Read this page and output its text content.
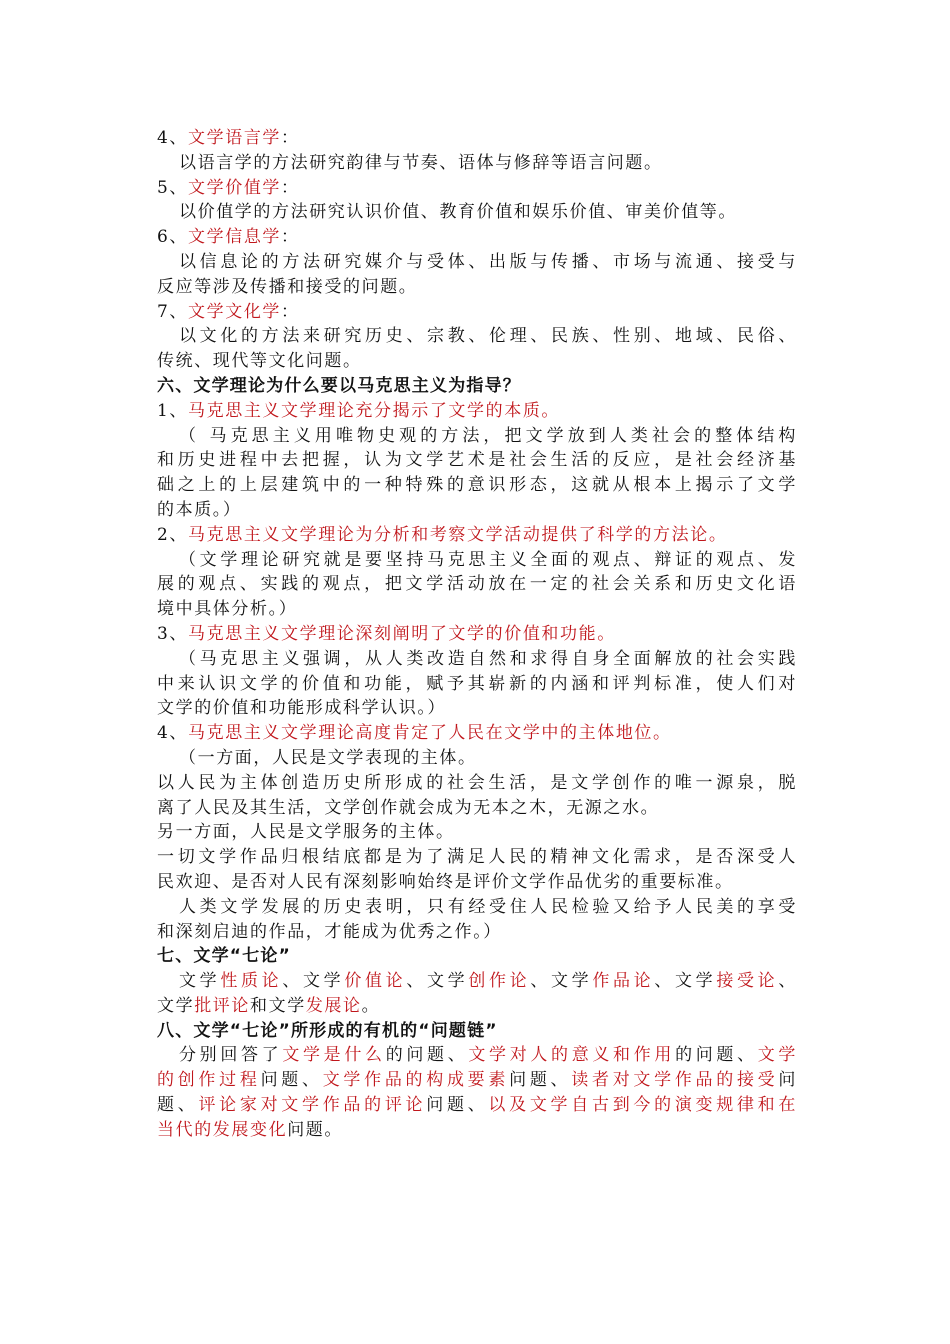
4、文学语言学：
以语言学的方法研究韵律与节奏、语体与修辞等语言问题。
5、文学价值学：
以价值学的方法研究认识价值、教育价值和娱乐价值、审美价值等。
6、文学信息学：
以信息论的方法研究媒介与受体、出版与传播、市场与流通、接受与
反应等涉及传播和接受的问题。
7、文学文化学：
以文化的方法来研究历史、宗教、伦理、民族、性别、地域、民俗、
传统、现代等文化问题。
六、文学理论为什么要以马克思主义为指导？
1、马克思主义文学理论充分揭示了文学的本质。
（ 马克思主义用唯物史观的方法，把文学放到人类社会的整体结构
和历史进程中去把握，认为文学艺术是社会生活的反应，是社会经济基
础之上的上层建筑中的一种特殊的意识形态，这就从根本上揭示了文学
的本质。）
2、马克思主义文学理论为分析和考察文学活动提供了科学的方法论。
（文学理论研究就是要坚持马克思主义全面的观点、辩证的观点、发
展的观点、实践的观点，把文学活动放在一定的社会关系和历史文化语
境中具体分析。）
3、马克思主义文学理论深刻阐明了文学的价值和功能。
（马克思主义强调，从人类改造自然和求得自身全面解放的社会实践
中来认识文学的价值和功能，赋予其崭新的内涵和评判标准，使人们对
文学的价值和功能形成科学认识。）
4、马克思主义文学理论高度肯定了人民在文学中的主体地位。
（一方面，人民是文学表现的主体。
以人民为主体创造历史所形成的社会生活，是文学创作的唯一源泉，脱
离了人民及其生活，文学创作就会成为无本之木，无源之水。
另一方面，人民是文学服务的主体。
一切文学作品归根结底都是为了满足人民的精神文化需求，是否深受人
民欢迎、是否对人民有深刻影响始终是评价文学作品优劣的重要标准。
人类文学发展的历史表明，只有经受住人民检验又给予人民美的享受
和深刻启迪的作品，才能成为优秀之作。）
七、文学“七论”
文学性质论、文学价值论、文学创作论、文学作品论、文学接受论、
文学批评论和文学发展论。
八、文学“七论”所形成的有机的“问题链”
分别回答了文学是什么的问题、文学对人的意义和作用的问题、文学
的创作过程问题、文学作品的构成要素问题、读者对文学作品的接受问
题、评论家对文学作品的评论问题、以及文学自古到今的演变规律和在
当代的发展变化问题。
